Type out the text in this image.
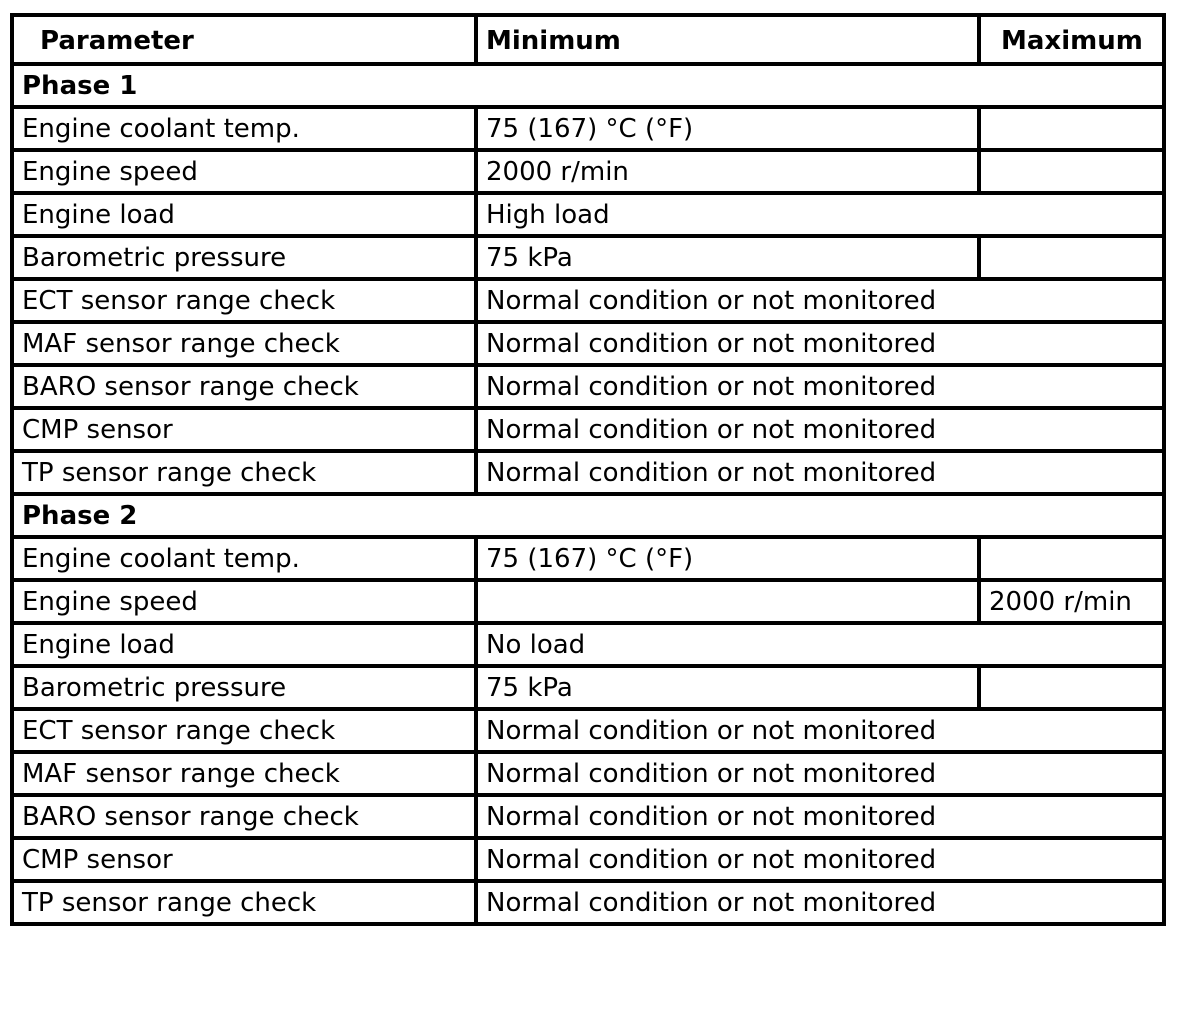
Parameter	Minimum	Maximum
Phase 1		
Engine coolant temp.	75 (167) °C (°F)	
Engine speed	2000 r/min	
Engine load	High load	
Barometric pressure	75 kPa	
ECT sensor range check	Normal condition or not monitored	
MAF sensor range check	Normal condition or not monitored	
BARO sensor range check	Normal condition or not monitored	
CMP sensor	Normal condition or not monitored	
TP sensor range check	Normal condition or not monitored	
Phase 2		
Engine coolant temp.	75 (167) °C (°F)	
Engine speed		2000 r/min
Engine load	No load	
Barometric pressure	75 kPa	
ECT sensor range check	Normal condition or not monitored	
MAF sensor range check	Normal condition or not monitored	
BARO sensor range check	Normal condition or not monitored	
CMP sensor	Normal condition or not monitored	
TP sensor range check	Normal condition or not monitored	
